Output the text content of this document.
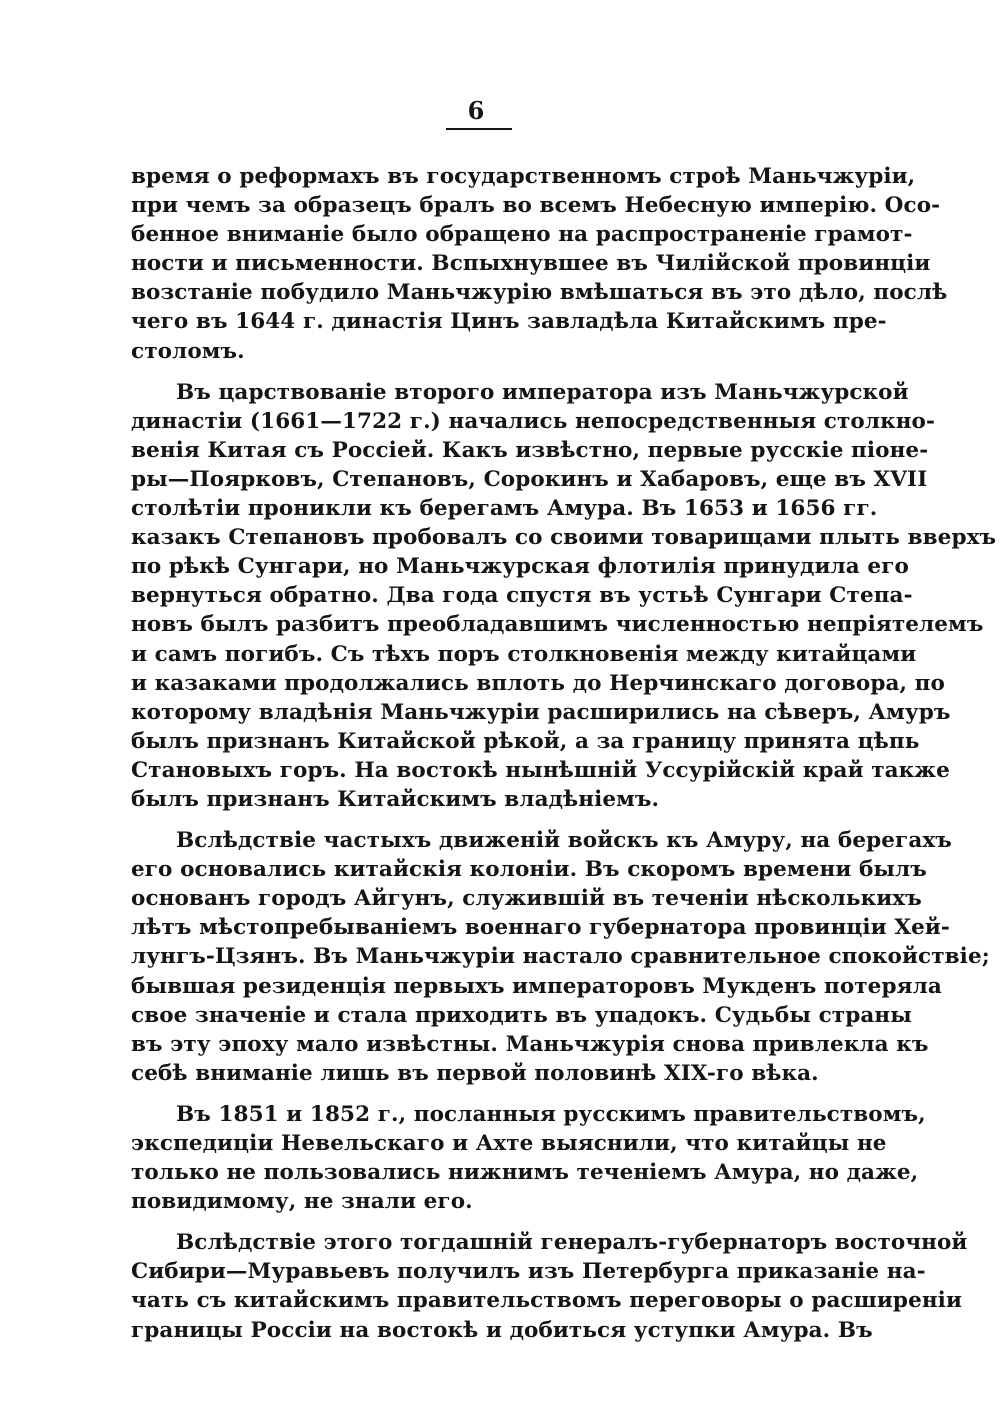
6
время о реформахъ въ государственномъ строѣ Маньчжуріи,
при чемъ за образецъ бралъ во всемъ Небесную имперію. Осо-
бенное вниманіе было обращено на распространеніе грамот-
ности и письменности. Вспыхнувшее въ Чилійской провинціи
возстаніе побудило Маньчжурію вмѣшаться въ это дѣло, послѣ
чего въ 1644 г. династія Цинъ завладѣла Китайскимъ пре-
столомъ.
Въ царствованіе второго императора изъ Маньчжурской
династіи (1661—1722 г.) начались непосредственныя столкно-
венія Китая съ Россіей. Какъ извѣстно, первые русскіе піоне-
ры—Поярковъ, Степановъ, Сорокинъ и Хабаровъ, еще въ XVII
столѣтіи проникли къ берегамъ Амура. Въ 1653 и 1656 гг.
казакъ Степановъ пробовалъ со своими товарищами плыть вверхъ
по рѣкѣ Сунгари, но Маньчжурская флотилія принудила его
вернуться обратно. Два года спустя въ устьѣ Сунгари Степа-
новъ былъ разбитъ преобладавшимъ численностью непріятелемъ
и самъ погибъ. Съ тѣхъ поръ столкновенія между китайцами
и казаками продолжались вплоть до Нерчинскаго договора, по
которому владѣнія Маньчжуріи расширились на сѣверъ, Амуръ
былъ признанъ Китайской рѣкой, а за границу принята цѣпь
Становыхъ горъ. На востокѣ нынѣшній Уссурійскій край также
былъ признанъ Китайскимъ владѣніемъ.
Вслѣдствіе частыхъ движеній войскъ къ Амуру, на берегахъ
его основались китайскія колоніи. Въ скоромъ времени былъ
основанъ городъ Айгунъ, служившій въ теченіи нѣсколькихъ
лѣтъ мѣстопребываніемъ военнаго губернатора провинціи Хей-
лунгъ-Цзянъ. Въ Маньчжуріи настало сравнительное спокойствіе;
бывшая резиденція первыхъ императоровъ Мукденъ потеряла
свое значеніе и стала приходить въ упадокъ. Судьбы страны
въ эту эпоху мало извѣстны. Маньчжурія снова привлекла къ
себѣ вниманіе лишь въ первой половинѣ XIX-го вѣка.
Въ 1851 и 1852 г., посланныя русскимъ правительствомъ,
экспедиціи Невельскаго и Ахте выяснили, что китайцы не
только не пользовались нижнимъ теченіемъ Амура, но даже,
повидимому, не знали его.
Вслѣдствіе этого тогдашній генералъ-губернаторъ восточной
Сибири—Муравьевъ получилъ изъ Петербурга приказаніе на-
чать съ китайскимъ правительствомъ переговоры о расширеніи
границы Россіи на востокѣ и добиться уступки Амура. Въ
